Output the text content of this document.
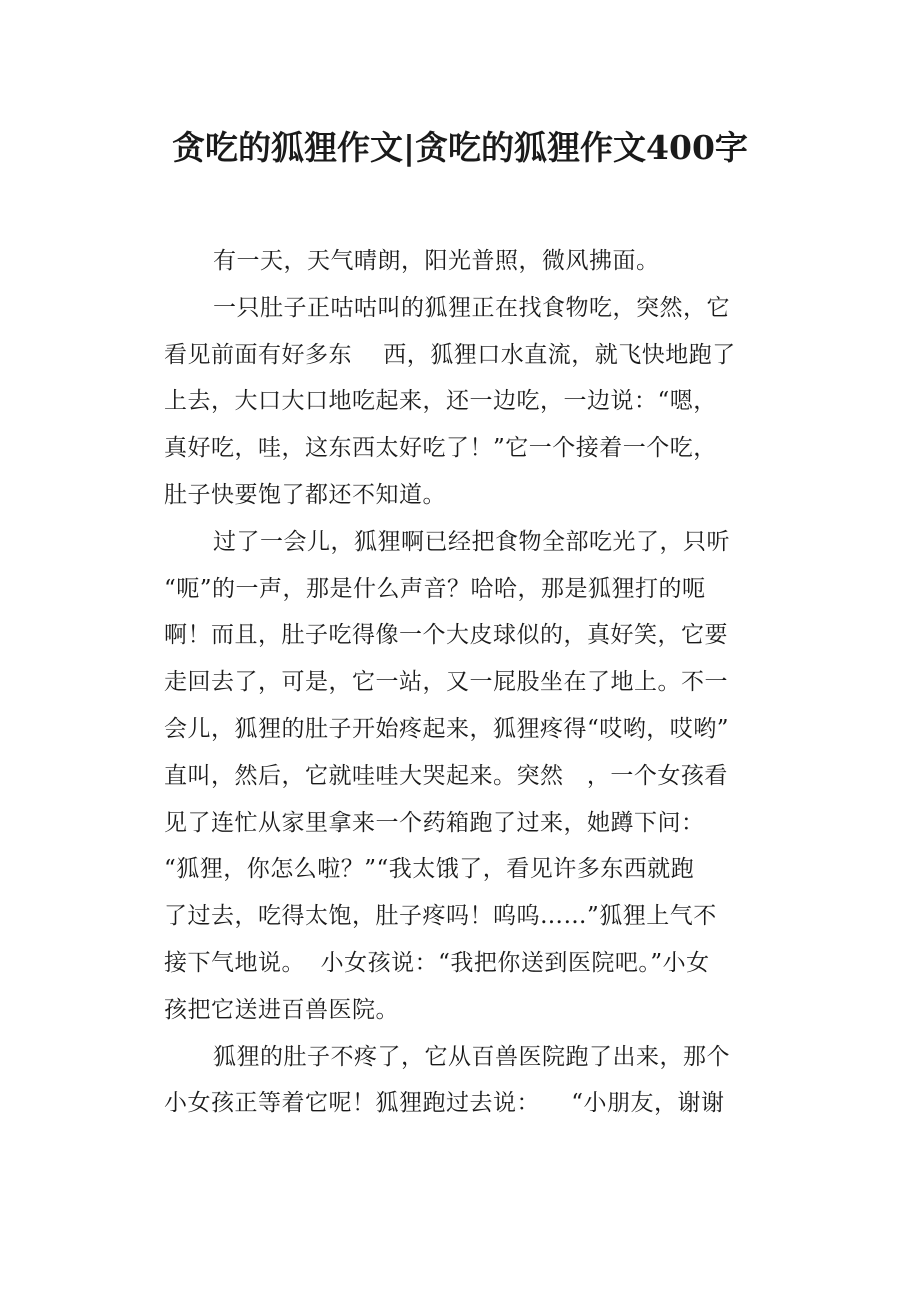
贪吃的狐狸作文|贪吃的狐狸作文400字
有一天，天气晴朗，阳光普照，微风拂面。
一只肚子正咕咕叫的狐狸正在找食物吃，突然，它
看见前面有好多东    西，狐狸口水直流，就飞快地跑了
上去，大口大口地吃起来，还一边吃，一边说：“嗯，
真好吃，哇，这东西太好吃了！”它一个接着一个吃，
肚子快要饱了都还不知道。
过了一会儿，狐狸啊已经把食物全部吃光了，只听
“呃”的一声，那是什么声音？哈哈，那是狐狸打的呃
啊！而且，肚子吃得像一个大皮球似的，真好笑，它要
走回去了，可是，它一站，又一屁股坐在了地上。不一
会儿，狐狸的肚子开始疼起来，狐狸疼得“哎哟，哎哟”
直叫，然后，它就哇哇大哭起来。突然   ，一个女孩看
见了连忙从家里拿来一个药箱跑了过来，她蹲下问：
“狐狸，你怎么啦？”“我太饿了，看见许多东西就跑
了过去，吃得太饱，肚子疼吗！呜呜……”狐狸上气不
接下气地说。  小女孩说：“我把你送到医院吧。”小女
孩把它送进百兽医院。
狐狸的肚子不疼了，它从百兽医院跑了出来，那个
小女孩正等着它呢！狐狸跑过去说：    “小朋友，谢谢
